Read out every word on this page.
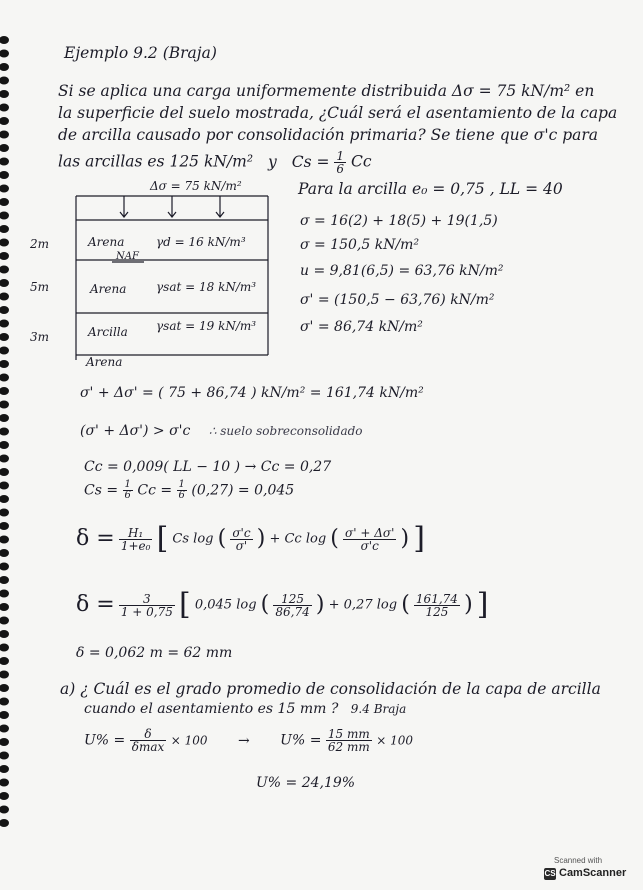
Ejemplo 9.2 (Braja)
Si se aplica una carga uniformemente distribuida Δσ = 75 kN/m² en
la superficie del suelo mostrada, ¿Cuál será el asentamiento de la capa
de arcilla causado por consolidación primaria? Se tiene que σ'c para
las arcillas es 125 kN/m² y $Cs = \frac{1}{6}$ Cc
Δσ = 75 kN/m²
2m	Arena	γd = 16 kN/m³
NAF
5m	Arena γsat = 18 kN/m³
3m	Arcilla γsat = 19 kN/m³
Arena
Para la arcilla e₀ = 0,75 , LL = 40
σ = 16(2) + 18(5) + 19(1,5)
σ = 150,5 kN/m²
u = 9,81(6,5) = 63,76 kN/m²
σ' = (150,5 − 63,76) kN/m²
σ' = 86,74 kN/m²
σ' + Δσ' = ( 75 + 86,74 ) kN/m² = 161,74 kN/m²
(σ' + Δσ') > σ'c ∴ suelo sobreconsolidado
Cc = 0,009( LL − 10 ) → Cc = 0,27
$Cs = \frac{1}{6}$ $Cc = \frac{1}{6} (0,27) = 0,045$
$\delta = \frac{\text{H₁}}{\text{1+e₀}}$ [ Cs log ( $\frac{\sigma'c}{\sigma'}$ ) + Cc log ( $\frac{\sigma' + \Delta\sigma'}{\sigma'c}$ ) ]
$\delta = \frac{3}{1 + 0,75}$ [ 0,045 log ( $\frac{125}{86,74}$ ) + 0,27 log ( $\frac{161,74}{125}$ ) ]
δ = 0,062 m = 62 mm
a) ¿ Cuál es el grado promedio de consolidación de la capa de arcilla
cuando el asentamiento es 15 mm ? 9.4 Braja
$U\% = \frac{\delta}{\delta\max} \times 100 \to U\% = \frac{15 mm}{62 mm} \times 100$
U% = 24,19%
Scanned with
CS CamScanner
